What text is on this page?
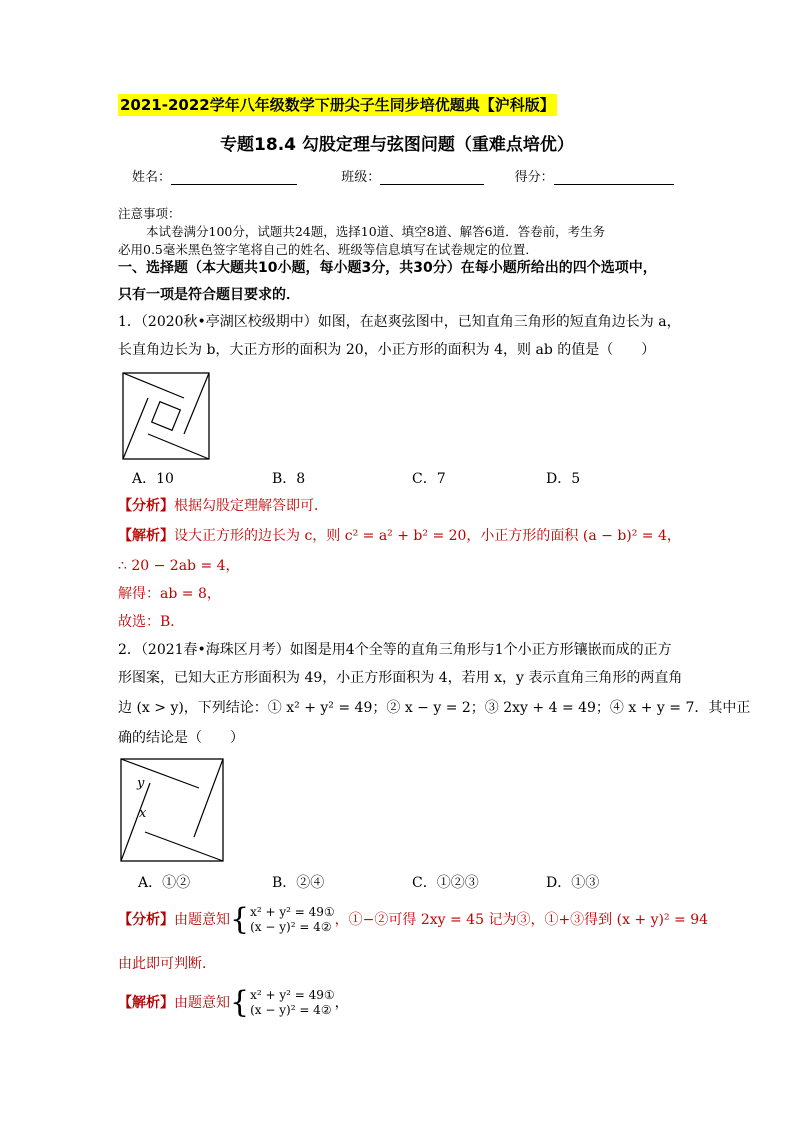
2021-2022学年八年级数学下册尖子生同步培优题典【沪科版】
专题18.4 勾股定理与弦图问题（重难点培优）
姓名：	班级：	得分：
注意事项：
本试卷满分100分，试题共24题，选择10道、填空8道、解答6道．答卷前，考生务
必用0.5毫米黑色签字笔将自己的姓名、班级等信息填写在试卷规定的位置．
一、选择题（本大题共10小题，每小题3分，共30分）在每小题所给出的四个选项中，
只有一项是符合题目要求的．
1．（2020秋•亭湖区校级期中）如图，在赵爽弦图中，已知直角三角形的短直角边长为 a，
长直角边长为 b，大正方形的面积为 20，小正方形的面积为 4，则 ab 的值是（　　）
A．10	B．8	C．7	D．5
【分析】根据勾股定理解答即可．
【解析】设大正方形的边长为 c，则 c² = a² + b² = 20，小正方形的面积 (a − b)² = 4，
∴ 20 − 2ab = 4，
解得：ab = 8，
故选：B．
2．（2021春•海珠区月考）如图是用4个全等的直角三角形与1个小正方形镶嵌而成的正方
形图案，已知大正方形面积为 49，小正方形面积为 4，若用 x，y 表示直角三角形的两直角
边 (x > y)，下列结论：① x² + y² = 49；② x − y = 2；③ 2xy + 4 = 49；④ x + y = 7．其中正
确的结论是（　　）
y
x
A．①②	B．②④	C．①②③	D．①③
【分析】由题意知{x² + y² = 49①
(x − y)² = 4② ，①−②可得 2xy = 45 记为③，①+③得到 (x + y)² = 94
由此即可判断．
【解析】由题意知{x² + y² = 49①
(x − y)² = 4② ，
